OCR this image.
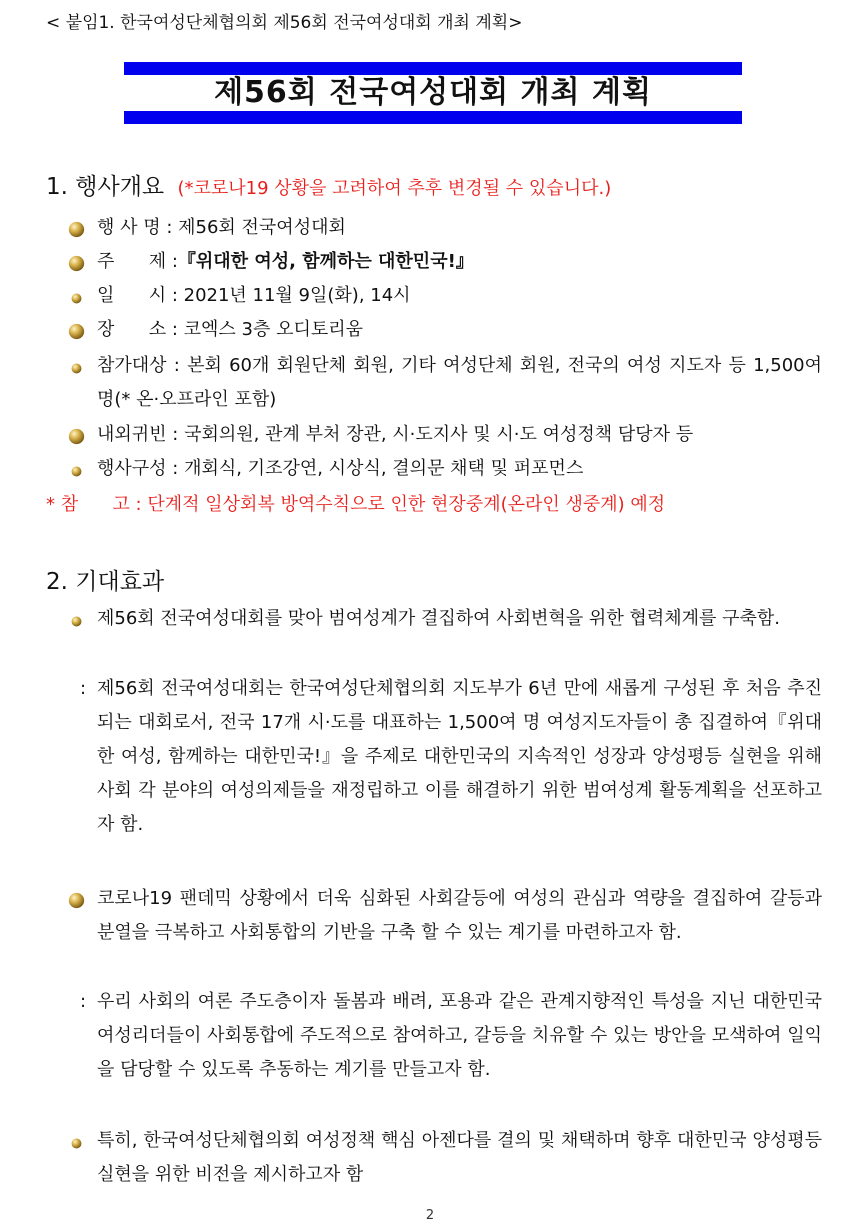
< 붙임1. 한국여성단체협의회 제56회 전국여성대회 개최 계획>
제56회 전국여성대회 개최 계획
1. 행사개요 (*코로나19 상황을 고려하여 추후 변경될 수 있습니다.)
행 사 명 : 제56회 전국여성대회
주      제 :『위대한 여성, 함께하는 대한민국!』
일      시 : 2021년 11월 9일(화), 14시
장      소 : 코엑스 3층 오디토리움
참가대상 : 본회 60개 회원단체 회원, 기타 여성단체 회원, 전국의 여성 지도자 등 1,500여 명(* 온·오프라인 포함)
내외귀빈 : 국회의원, 관계 부처 장관, 시·도지사 및 시·도 여성정책 담당자 등
행사구성 : 개회식, 기조강연, 시상식, 결의문 채택 및 퍼포먼스
* 참      고 : 단계적 일상회복 방역수칙으로 인한 현장중계(온라인 생중계) 예정
2. 기대효과
제56회 전국여성대회를 맞아 범여성계가 결집하여 사회변혁을 위한 협력체계를 구축함.
: 제56회 전국여성대회는 한국여성단체협의회 지도부가 6년 만에 새롭게 구성된 후 처음 추진되는 대회로서, 전국 17개 시·도를 대표하는 1,500여 명 여성지도자들이 총 집결하여『위대한 여성, 함께하는 대한민국!』을 주제로 대한민국의 지속적인 성장과 양성평등 실현을 위해 사회 각 분야의 여성의제들을 재정립하고 이를 해결하기 위한 범여성계 활동계획을 선포하고자 함.
코로나19 팬데믹 상황에서 더욱 심화된 사회갈등에 여성의 관심과 역량을 결집하여 갈등과 분열을 극복하고 사회통합의 기반을 구축 할 수 있는 계기를 마련하고자 함.
: 우리 사회의 여론 주도층이자 돌봄과 배려, 포용과 같은 관계지향적인 특성을 지닌 대한민국 여성리더들이 사회통합에 주도적으로 참여하고, 갈등을 치유할 수 있는 방안을 모색하여 일익을 담당할 수 있도록 추동하는 계기를 만들고자 함.
특히, 한국여성단체협의회 여성정책 핵심 아젠다를 결의 및 채택하며 향후 대한민국 양성평등 실현을 위한 비전을 제시하고자 함
2
